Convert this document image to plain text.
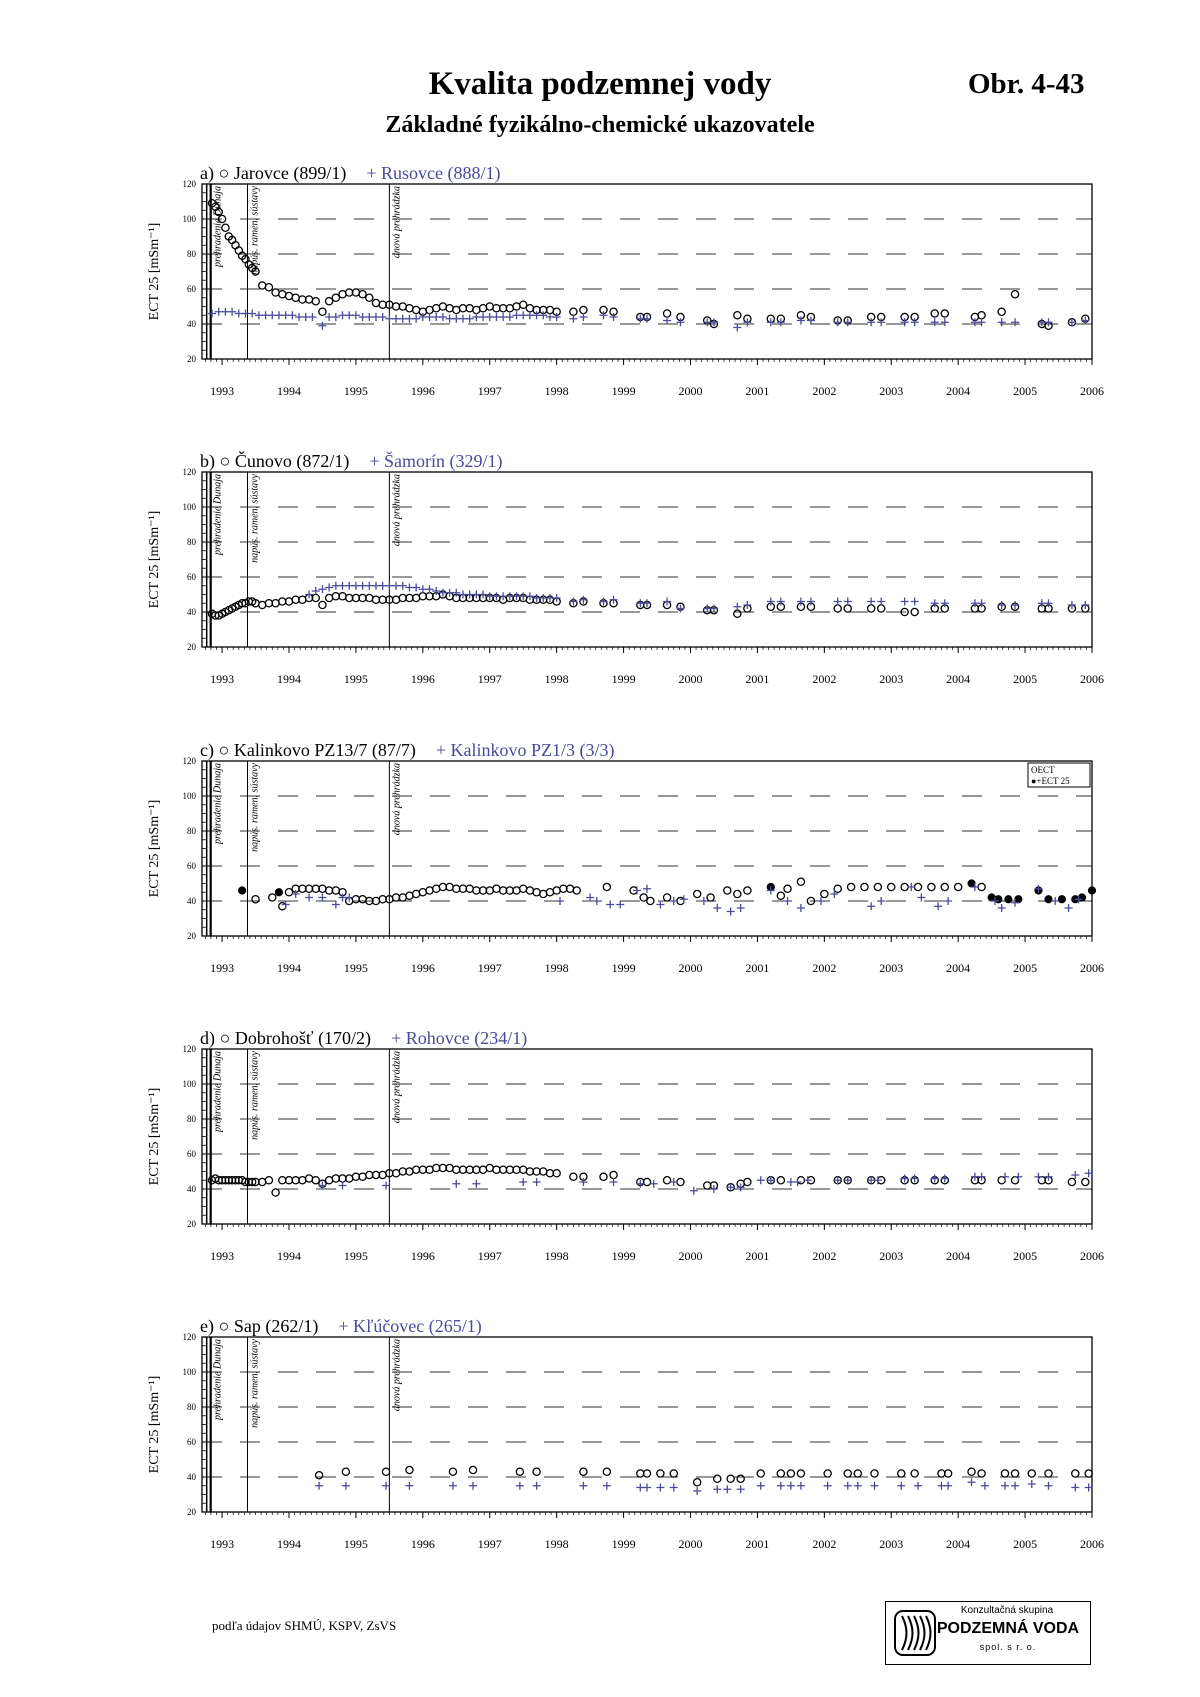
Kvalita podzemnej vody
Základné fyzikálno-chemické ukazovatele
Obr. 4-43
a) ○ Jarovce (899/1) + Rusovce (888/1)
20
40
60
80
100
120
ECT 25 [mSm⁻¹]
1993	1994	1995	1996	1997	1998	1999	2000	2001	2002	2003	2004	2005	2006
prehradenie Dunaja	napús. ramen. sústavy	dnová prehrádzka
b) ○ Čunovo (872/1) + Šamorín (329/1)
20
40
60
80
100
120
ECT 25 [mSm⁻¹]
1993	1994	1995	1996	1997	1998	1999	2000	2001	2002	2003	2004	2005	2006
prehradenie Dunaja	napús. ramen. sústavy	dnová prehrádzka
c) ○ Kalinkovo PZ13/7 (87/7) + Kalinkovo PZ1/3 (3/3)
20
40
60
80
100
120
ECT 25 [mSm⁻¹]
1993	1994	1995	1996	1997	1998	1999	2000	2001	2002	2003	2004	2005	2006
prehradenie Dunaja	napús. ramen. sústavy	dnová prehrádzka	OECT
●+ECT 25
d) ○ Dobrohošť (170/2) + Rohovce (234/1)
20
40
60
80
100
120
ECT 25 [mSm⁻¹]
1993	1994	1995	1996	1997	1998	1999	2000	2001	2002	2003	2004	2005	2006
prehradenie Dunaja	napús. ramen. sústavy	dnová prehrádzka
e) ○ Sap (262/1) + Kľúčovec (265/1)
20
40
60
80
100
120
ECT 25 [mSm⁻¹]
1993	1994	1995	1996	1997	1998	1999	2000	2001	2002	2003	2004	2005	2006
prehradenie Dunaja	napús. ramen. sústavy	dnová prehrádzka
podľa údajov SHMÚ, KSPV, ZsVS
Konzultačná skupina
PODZEMNÁ VODA
spol. s r. o.
